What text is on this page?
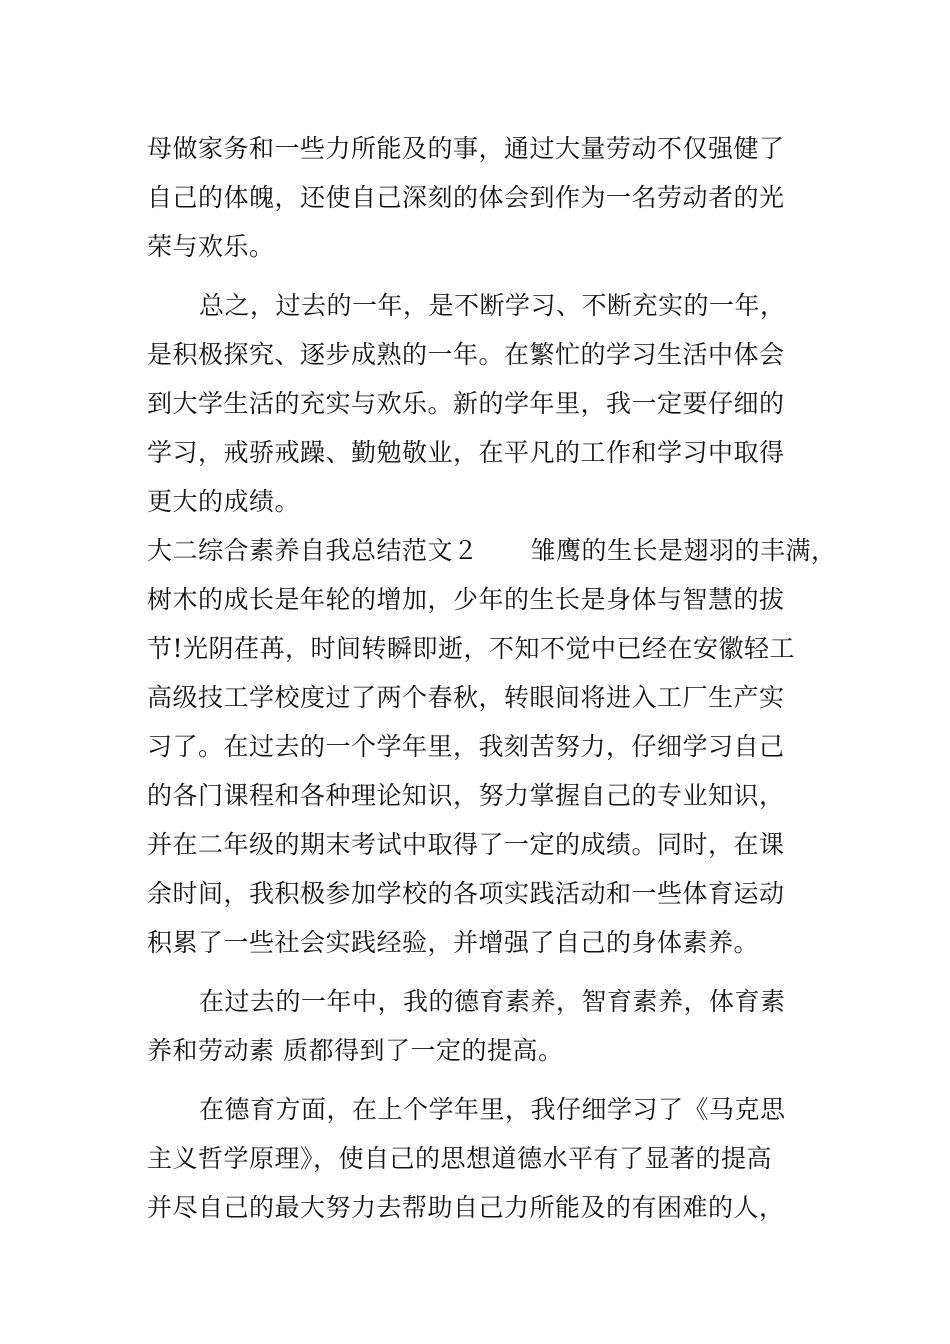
母做家务和一些力所能及的事，通过大量劳动不仅强健了
自己的体魄，还使自己深刻的体会到作为一名劳动者的光
荣与欢乐。
总之，过去的一年，是不断学习、不断充实的一年，
是积极探究、逐步成熟的一年。在繁忙的学习生活中体会
到大学生活的充实与欢乐。新的学年里，我一定要仔细的
学习，戒骄戒躁、勤勉敬业，在平凡的工作和学习中取得
更大的成绩。
大二综合素养自我总结范文２ 雏鹰的生长是翅羽的丰满，
树木的成长是年轮的增加，少年的生长是身体与智慧的拔
节!光阴荏苒，时间转瞬即逝，不知不觉中已经在安徽轻工
高级技工学校度过了两个春秋，转眼间将进入工厂生产实
习了。在过去的一个学年里，我刻苦努力，仔细学习自己
的各门课程和各种理论知识，努力掌握自己的专业知识，
并在二年级的期末考试中取得了一定的成绩。同时，在课
余时间，我积极参加学校的各项实践活动和一些体育运动
积累了一些社会实践经验，并增强了自己的身体素养。
在过去的一年中，我的德育素养，智育素养，体育素
养和劳动素 质都得到了一定的提高。
在德育方面，在上个学年里，我仔细学习了《马克思
主义哲学原理》，使自己的思想道德水平有了显著的提高
并尽自己的最大努力去帮助自己力所能及的有困难的人，
